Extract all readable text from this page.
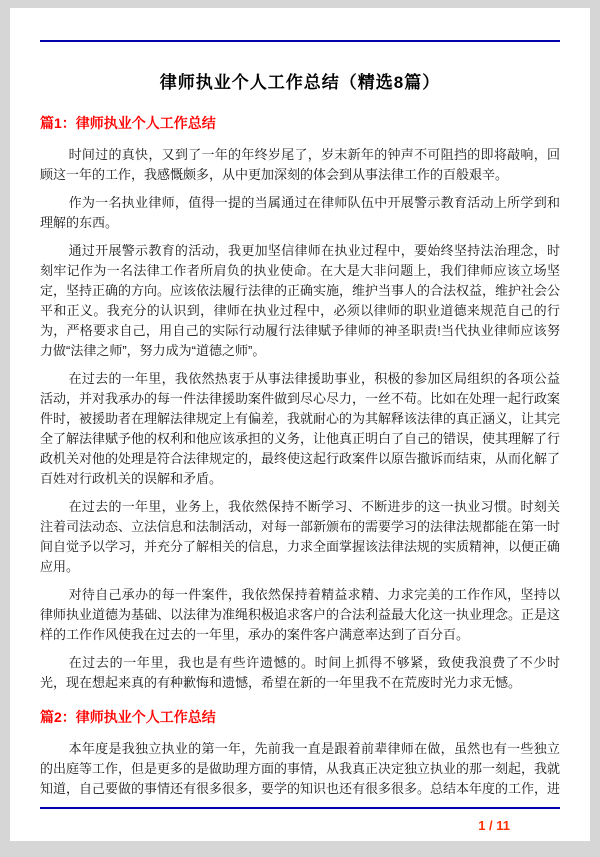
律师执业个人工作总结（精选8篇）
篇1：律师执业个人工作总结

时间过的真快，又到了一年的年终岁尾了，岁末新年的钟声不可阻挡的即将敲响，回顾这一年的工作，我感慨颇多，从中更加深刻的体会到从事法律工作的百般艰辛。

作为一名执业律师，值得一提的当属通过在律师队伍中开展警示教育活动上所学到和理解的东西。

通过开展警示教育的活动，我更加坚信律师在执业过程中，要始终坚持法治理念，时刻牢记作为一名法律工作者所肩负的执业使命。在大是大非问题上，我们律师应该立场坚定，坚持正确的方向。应该依法履行法律的正确实施，维护当事人的合法权益，维护社会公平和正义。我充分的认识到，律师在执业过程中，必须以律师的职业道德来规范自己的行为，严格要求自己，用自己的实际行动履行法律赋予律师的神圣职责!当代执业律师应该努力做“法律之师”，努力成为“道德之师”。

在过去的一年里，我依然热衷于从事法律援助事业，积极的参加区局组织的各项公益活动，并对我承办的每一件法律援助案件做到尽心尽力，一丝不苟。比如在处理一起行政案件时，被援助者在理解法律规定上有偏差，我就耐心的为其解释该法律的真正涵义，让其完全了解法律赋予他的权利和他应该承担的义务，让他真正明白了自己的错误，使其理解了行政机关对他的处理是符合法律规定的，最终使这起行政案件以原告撤诉而结束，从而化解了百姓对行政机关的误解和矛盾。

在过去的一年里，业务上，我依然保持不断学习、不断进步的这一执业习惯。时刻关注着司法动态、立法信息和法制活动，对每一部新颁布的需要学习的法律法规都能在第一时间自觉予以学习，并充分了解相关的信息，力求全面掌握该法律法规的实质精神，以便正确应用。

对待自己承办的每一件案件，我依然保持着精益求精、力求完美的工作作风，坚持以律师执业道德为基础、以法律为准绳积极追求客户的合法利益最大化这一执业理念。正是这样的工作作风使我在过去的一年里，承办的案件客户满意率达到了百分百。

在过去的一年里，我也是有些许遗憾的。时间上抓得不够紧，致使我浪费了不少时光，现在想起来真的有种歉悔和遗憾，希望在新的一年里我不在荒废时光力求无憾。

篇2：律师执业个人工作总结

本年度是我独立执业的第一年，先前我一直是跟着前辈律师在做，虽然也有一些独立的出庭等工作，但是更多的是做助理方面的事情，从我真正决定独立执业的那一刻起，我就知道，自己要做的事情还有很多很多，要学的知识也还有很多很多。总结本年度的工作，进

1 / 11
